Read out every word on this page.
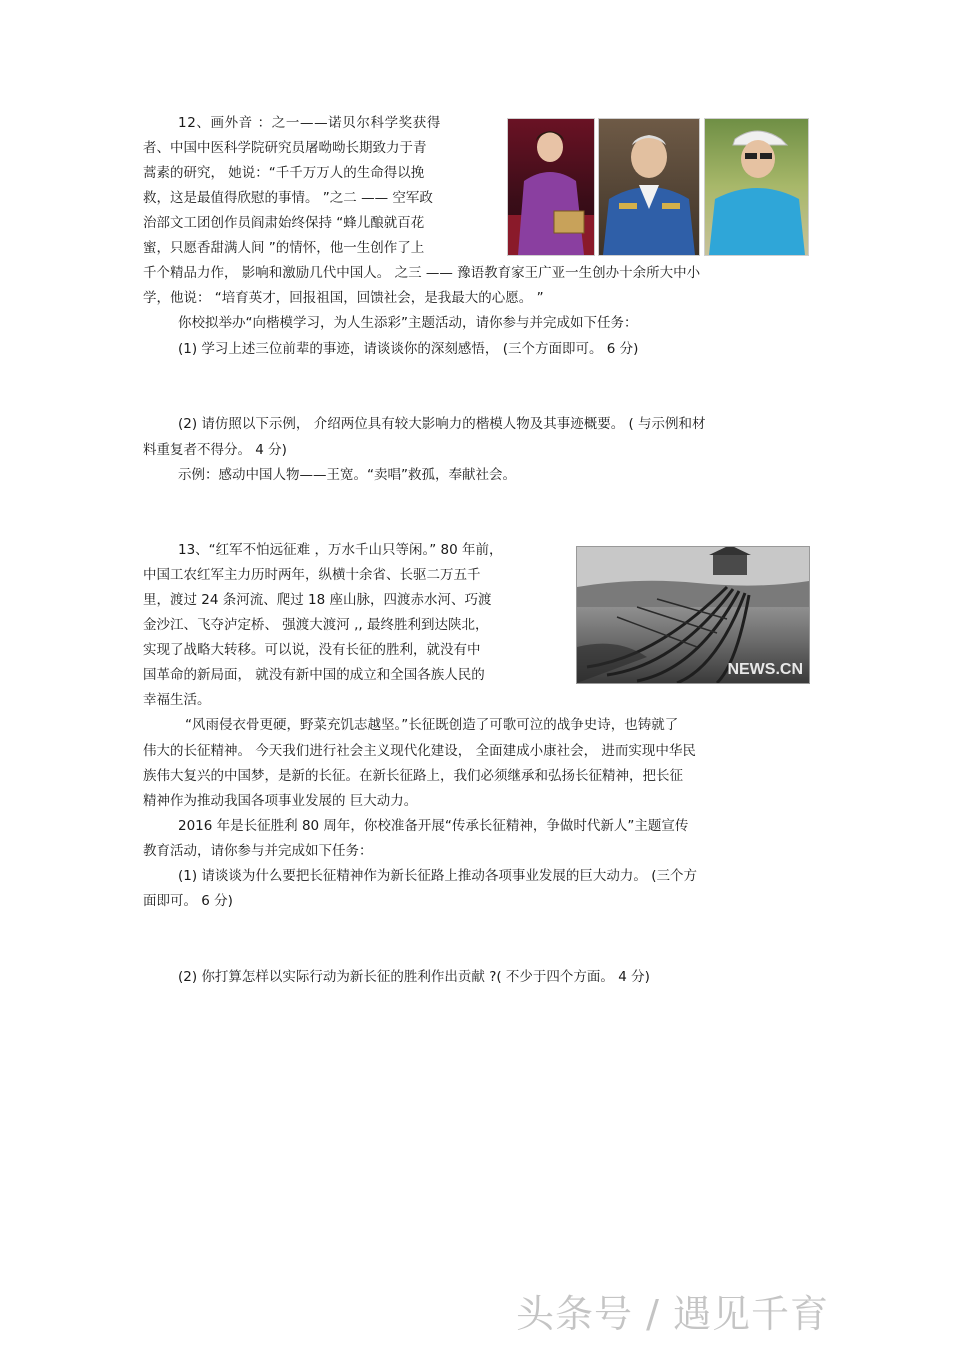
12、画外音 ：之一——诺贝尔科学奖获得
者、中国中医科学院研究员屠呦呦长期致力于青
蒿素的研究， 她说：“千千万万人的生命得以挽
救，这是最值得欣慰的事情。 ”之二 —— 空军政
治部文工团创作员阎肃始终保持 “蜂儿酿就百花
蜜，只愿香甜满人间 ”的情怀，他一生创作了上
千个精品力作， 影响和激励几代中国人。 之三 —— 豫语教育家王广亚一生创办十余所大中小
学，他说： “培育英才，回报祖国，回馈社会，是我最大的心愿。 ”
你校拟举办“向楷模学习，为人生添彩”主题活动，请你参与并完成如下任务：
(1) 学习上述三位前辈的事迹，请谈谈你的深刻感悟， (三个方面即可。 6 分)
(2) 请仿照以下示例， 介绍两位具有较大影响力的楷模人物及其事迹概要。 ( 与示例和材
料重复者不得分。 4 分)
示例：感动中国人物——王宽。“卖唱”救孤，奉献社会。
13、“红军不怕远征难 ，万水千山只等闲。” 80 年前，
中国工农红军主力历时两年，纵横十余省、长驱二万五千
里，渡过 24 条河流、爬过 18 座山脉，四渡赤水河、巧渡
金沙江、飞夺泸定桥、 强渡大渡河 ,, 最终胜利到达陕北，
实现了战略大转移。可以说，没有长征的胜利，就没有中
国革命的新局面， 就没有新中国的成立和全国各族人民的
幸福生活。
“风雨侵衣骨更硬，野菜充饥志越坚。”长征既创造了可歌可泣的战争史诗，也铸就了
伟大的长征精神。 今天我们进行社会主义现代化建设， 全面建成小康社会， 进而实现中华民
族伟大复兴的中国梦，是新的长征。在新长征路上，我们必须继承和弘扬长征精神，把长征
精神作为推动我国各项事业发展的 巨大动力。
2016 年是长征胜利 80 周年，你校准备开展“传承长征精神，争做时代新人”主题宣传
教育活动，请你参与并完成如下任务：
(1) 请谈谈为什么要把长征精神作为新长征路上推动各项事业发展的巨大动力。 (三个方
面即可。 6 分)
(2) 你打算怎样以实际行动为新长征的胜利作出贡献 ?( 不少于四个方面。 4 分)
NEWS.CN
头条号 / 遇见千育
